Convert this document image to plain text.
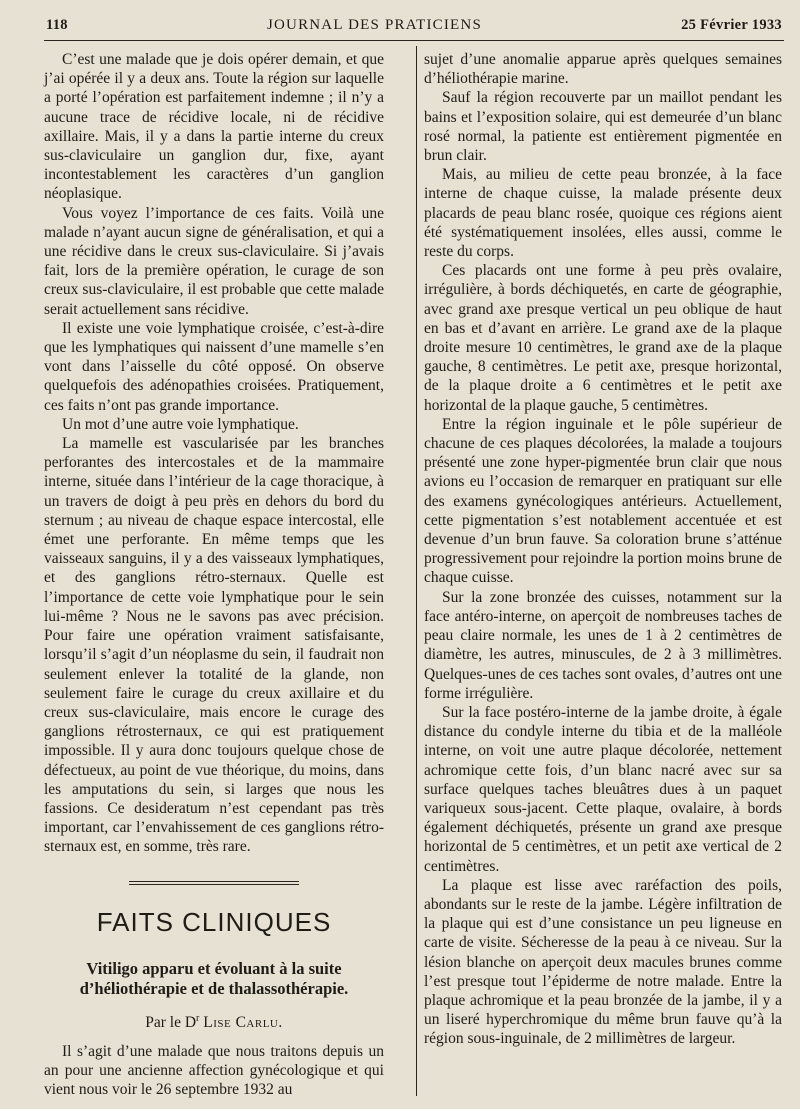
118	JOURNAL DES PRATICIENS	25 Février 1933

C’est une malade que je dois opérer demain, et que j’ai opérée il y a deux ans. Toute la région sur laquelle a porté l’opération est parfaitement indemne ; il n’y a aucune trace de récidive locale, ni de récidive axillaire. Mais, il y a dans la partie interne du creux sus-claviculaire un ganglion dur, fixe, ayant incontestablement les caractères d’un ganglion néoplasique.

Vous voyez l’importance de ces faits. Voilà une malade n’ayant aucun signe de généralisation, et qui a une récidive dans le creux sus-claviculaire. Si j’avais fait, lors de la première opération, le curage de son creux sus-claviculaire, il est probable que cette malade serait actuellement sans récidive.

Il existe une voie lymphatique croisée, c’est-à-dire que les lymphatiques qui naissent d’une mamelle s’en vont dans l’aisselle du côté opposé. On observe quelquefois des adénopathies croisées. Pratiquement, ces faits n’ont pas grande importance.

Un mot d’une autre voie lymphatique.

La mamelle est vascularisée par les branches perforantes des intercostales et de la mammaire interne, située dans l’intérieur de la cage thoracique, à un travers de doigt à peu près en dehors du bord du sternum ; au niveau de chaque espace intercostal, elle émet une perforante. En même temps que les vaisseaux sanguins, il y a des vaisseaux lymphatiques, et des ganglions rétro-sternaux. Quelle est l’importance de cette voie lymphatique pour le sein lui-même ? Nous ne le savons pas avec précision. Pour faire une opération vraiment satisfaisante, lorsqu’il s’agit d’un néoplasme du sein, il faudrait non seulement enlever la totalité de la glande, non seulement faire le curage du creux axillaire et du creux sus-claviculaire, mais encore le curage des ganglions rétrosternaux, ce qui est pratiquement impossible. Il y aura donc toujours quelque chose de défectueux, au point de vue théorique, du moins, dans les amputations du sein, si larges que nous les fassions. Ce desideratum n’est cependant pas très important, car l’envahissement de ces ganglions rétro-sternaux est, en somme, très rare.

FAITS CLINIQUES
Vitiligo apparu et évoluant à la suite d’héliothérapie et de thalassothérapie.
Par le $D^r$ Lise Carlu.

Il s’agit d’une malade que nous traitons depuis un an pour une ancienne affection gynécologique et qui vient nous voir le 26 septembre 1932 au

sujet d’une anomalie apparue après quelques semaines d’héliothérapie marine.

Sauf la région recouverte par un maillot pendant les bains et l’exposition solaire, qui est demeurée d’un blanc rosé normal, la patiente est entièrement pigmentée en brun clair.

Mais, au milieu de cette peau bronzée, à la face interne de chaque cuisse, la malade présente deux placards de peau blanc rosée, quoique ces régions aient été systématiquement insolées, elles aussi, comme le reste du corps.

Ces placards ont une forme à peu près ovalaire, irrégulière, à bords déchiquetés, en carte de géographie, avec grand axe presque vertical un peu oblique de haut en bas et d’avant en arrière. Le grand axe de la plaque droite mesure 10 centimètres, le grand axe de la plaque gauche, 8 centimètres. Le petit axe, presque horizontal, de la plaque droite a 6 centimètres et le petit axe horizontal de la plaque gauche, 5 centimètres.

Entre la région inguinale et le pôle supérieur de chacune de ces plaques décolorées, la malade a toujours présenté une zone hyper-pigmentée brun clair que nous avions eu l’occasion de remarquer en pratiquant sur elle des examens gynécologiques antérieurs. Actuellement, cette pigmentation s’est notablement accentuée et est devenue d’un brun fauve. Sa coloration brune s’atténue progressivement pour rejoindre la portion moins brune de chaque cuisse.

Sur la zone bronzée des cuisses, notamment sur la face antéro-interne, on aperçoit de nombreuses taches de peau claire normale, les unes de 1 à 2 centimètres de diamètre, les autres, minuscules, de 2 à 3 millimètres. Quelques-unes de ces taches sont ovales, d’autres ont une forme irrégulière.

Sur la face postéro-interne de la jambe droite, à égale distance du condyle interne du tibia et de la malléole interne, on voit une autre plaque décolorée, nettement achromique cette fois, d’un blanc nacré avec sur sa surface quelques taches bleuâtres dues à un paquet variqueux sous-jacent. Cette plaque, ovalaire, à bords également déchiquetés, présente un grand axe presque horizontal de 5 centimètres, et un petit axe vertical de 2 centimètres.

La plaque est lisse avec raréfaction des poils, abondants sur le reste de la jambe. Légère infiltration de la plaque qui est d’une consistance un peu ligneuse en carte de visite. Sécheresse de la peau à ce niveau. Sur la lésion blanche on aperçoit deux macules brunes comme l’est presque tout l’épiderme de notre malade. Entre la plaque achromique et la peau bronzée de la jambe, il y a un liseré hyperchromique du même brun fauve qu’à la région sous-inguinale, de 2 millimètres de largeur.
